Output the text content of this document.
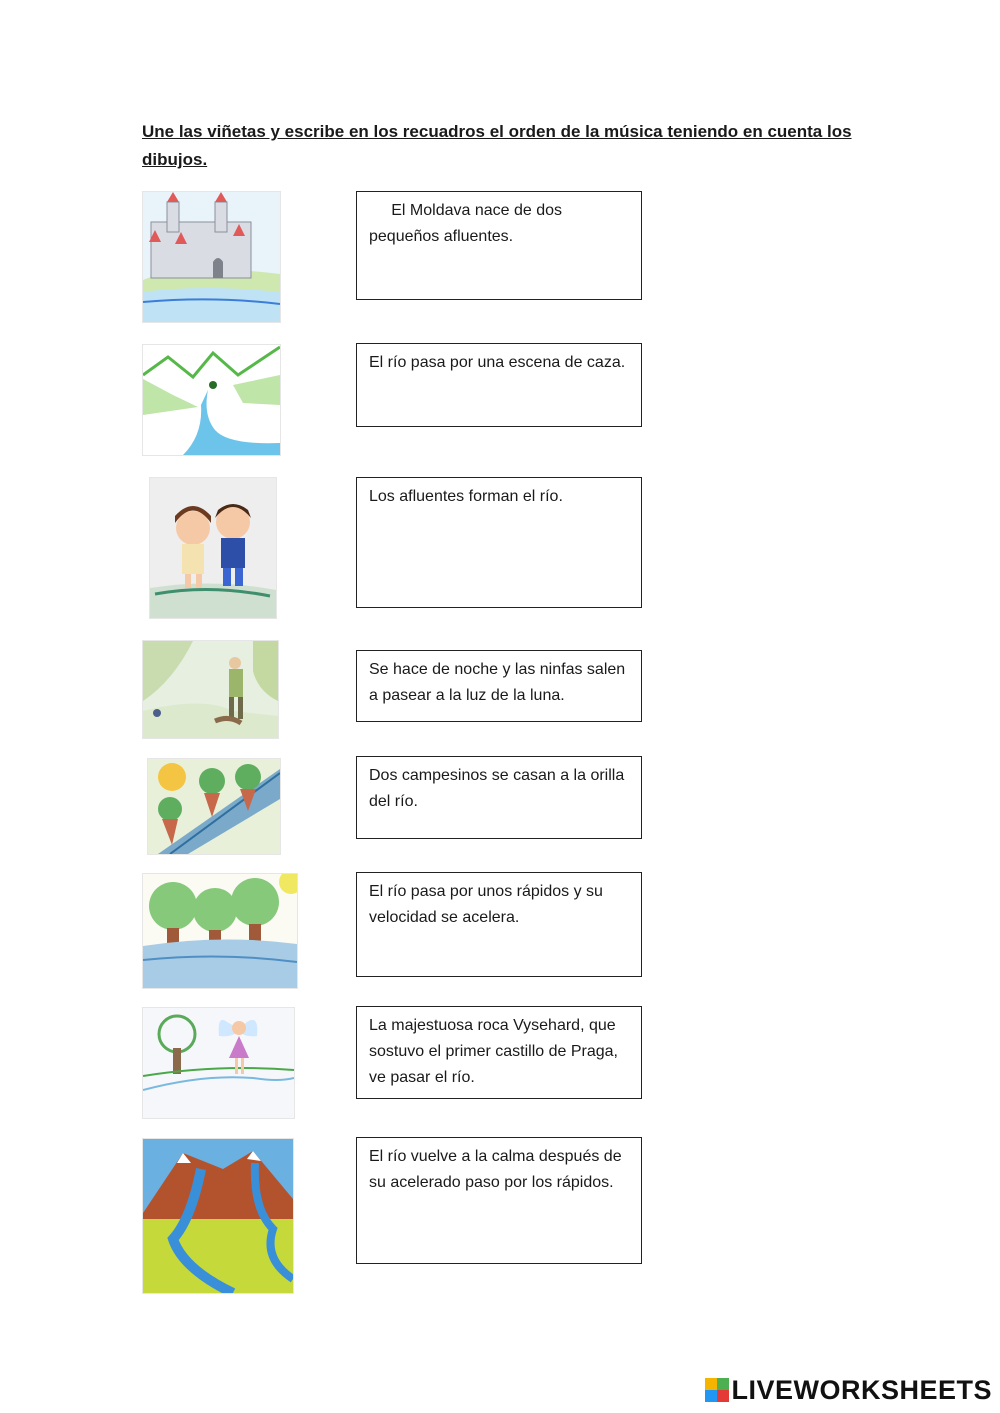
Une las viñetas y escribe en los recuadros el orden de la música teniendo en cuenta los dibujos.
El Moldava nace de dos pequeños afluentes.
El río pasa por una escena de caza.
Los afluentes forman el río.
Se hace de noche y las ninfas salen a pasear a la luz de la luna.
Dos campesinos se casan a la orilla del río.
El río pasa por unos rápidos y su velocidad se acelera.
La majestuosa roca Vysehard, que sostuvo el primer castillo de Praga, ve pasar el río.
El río vuelve a la calma después de su acelerado paso por los rápidos.
LIVEWORKSHEETS
